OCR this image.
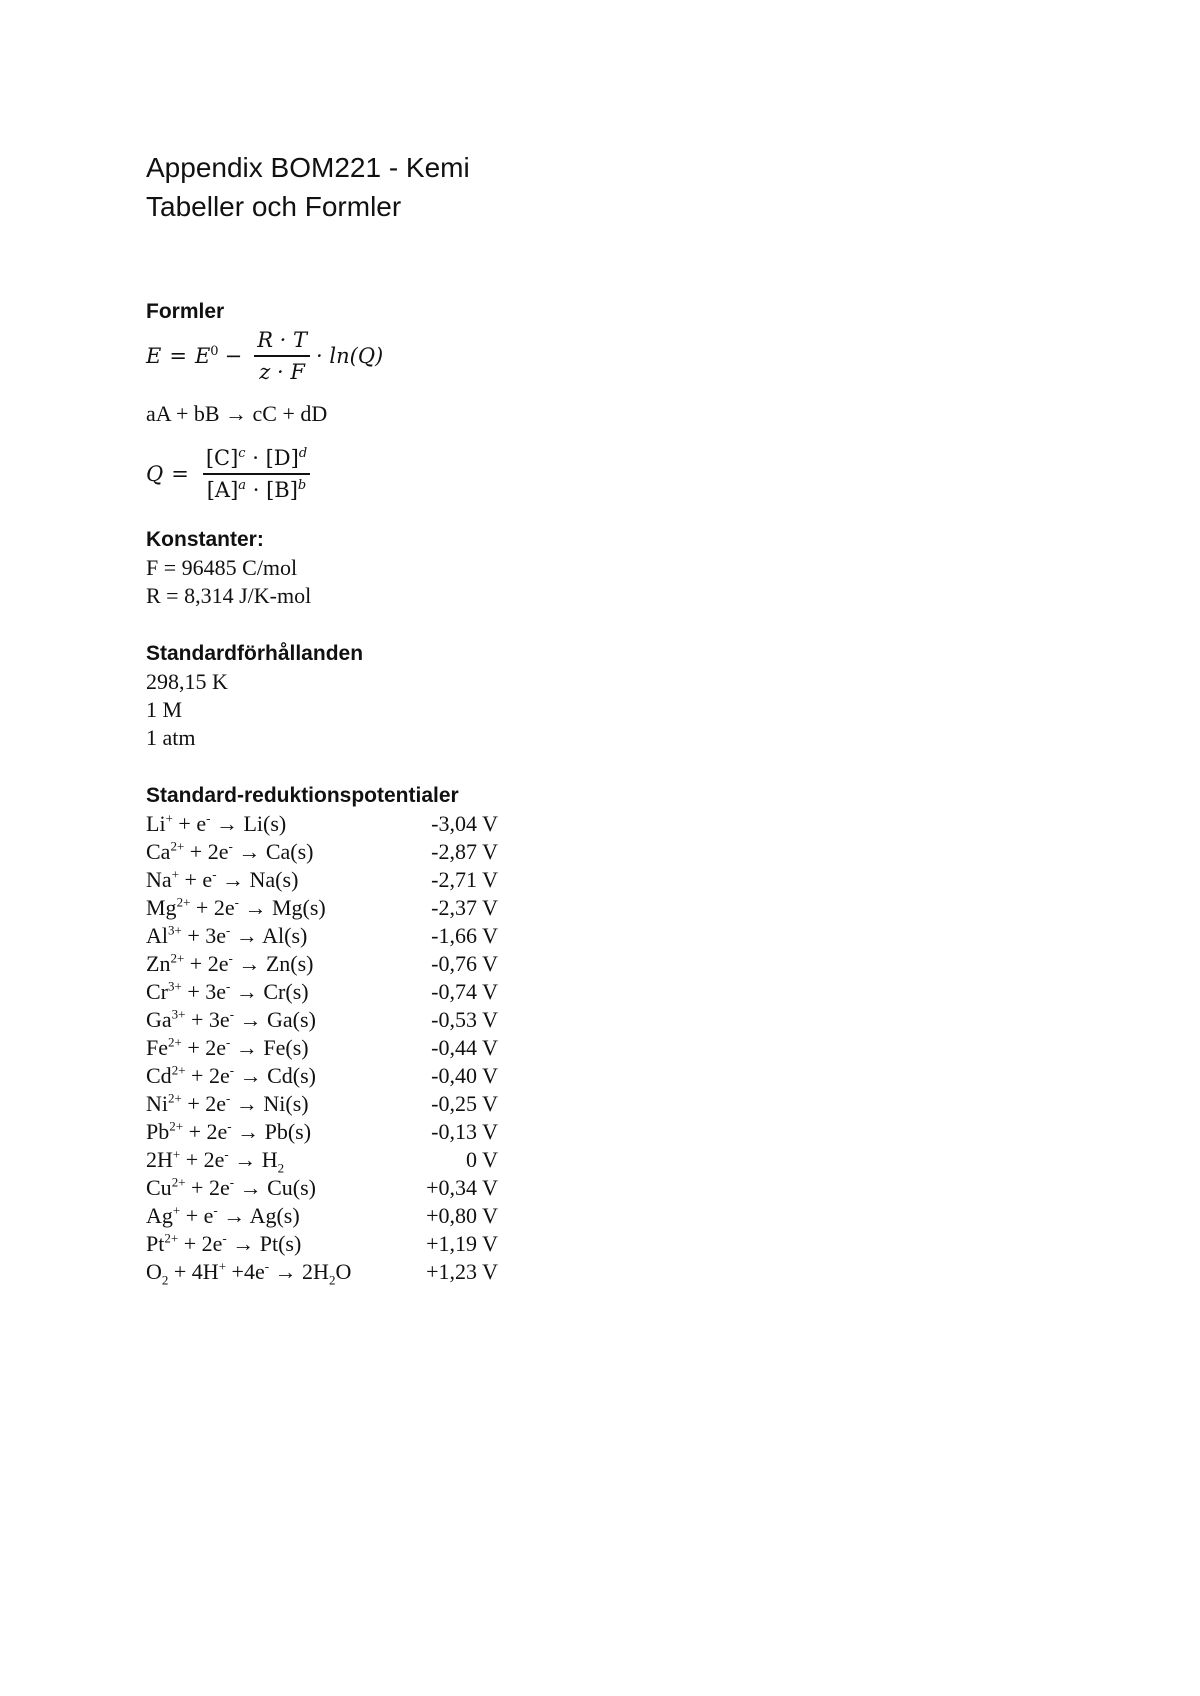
Appendix BOM221 - Kemi
Tabeller och Formler
Formler
$E = E^0 - \frac{R \cdot T}{z \cdot F} \cdot \ln(Q)$

aA + bB → cC + dD

$Q = \frac{[C]^c \cdot [D]^d}{[A]^a \cdot [B]^b}$
Konstanter:

F = 96485 C/mol

R = 8,314 J/K-mol

Standardförhållanden

298,15 K

1 M

1 atm

Standard-reduktionspotentialer
Li+ + e- → Li(s)	-3,04 V
$Ca^{2+} + 2e^- \to Ca(s)$	-2,87 V
Na+ + e- → Na(s)	-2,71 V
$Mg^{2+} + 2e^- \to Mg(s)$	-2,37 V
$Al^{3+} + 3e^- \to Al(s)$	-1,66 V
$Zn^{2+} + 2e^- \to Zn(s)$	-0,76 V
$Cr^{3+} + 3e^- \to Cr(s)$	-0,74 V
$Ga^{3+} + 3e^- \to Ga(s)$	-0,53 V
$Fe^{2+} + 2e^- \to Fe(s)$	-0,44 V
$Cd^{2+} + 2e^- \to Cd(s)$	-0,40 V
$Ni^{2+} + 2e^- \to Ni(s)$	-0,25 V
$Pb^{2+} + 2e^- \to Pb(s)$	-0,13 V
$2H^+ + 2e^- \to H_2$	0 V
$Cu^{2+} + 2e^- \to Cu(s)$	+0,34 V
Ag+ + e- → Ag(s)	+0,80 V
$Pt^{2+} + 2e^- \to Pt(s)$	+1,19 V
$O_2 + 4H^+ +4e^- \to 2H_2O$	+1,23 V
